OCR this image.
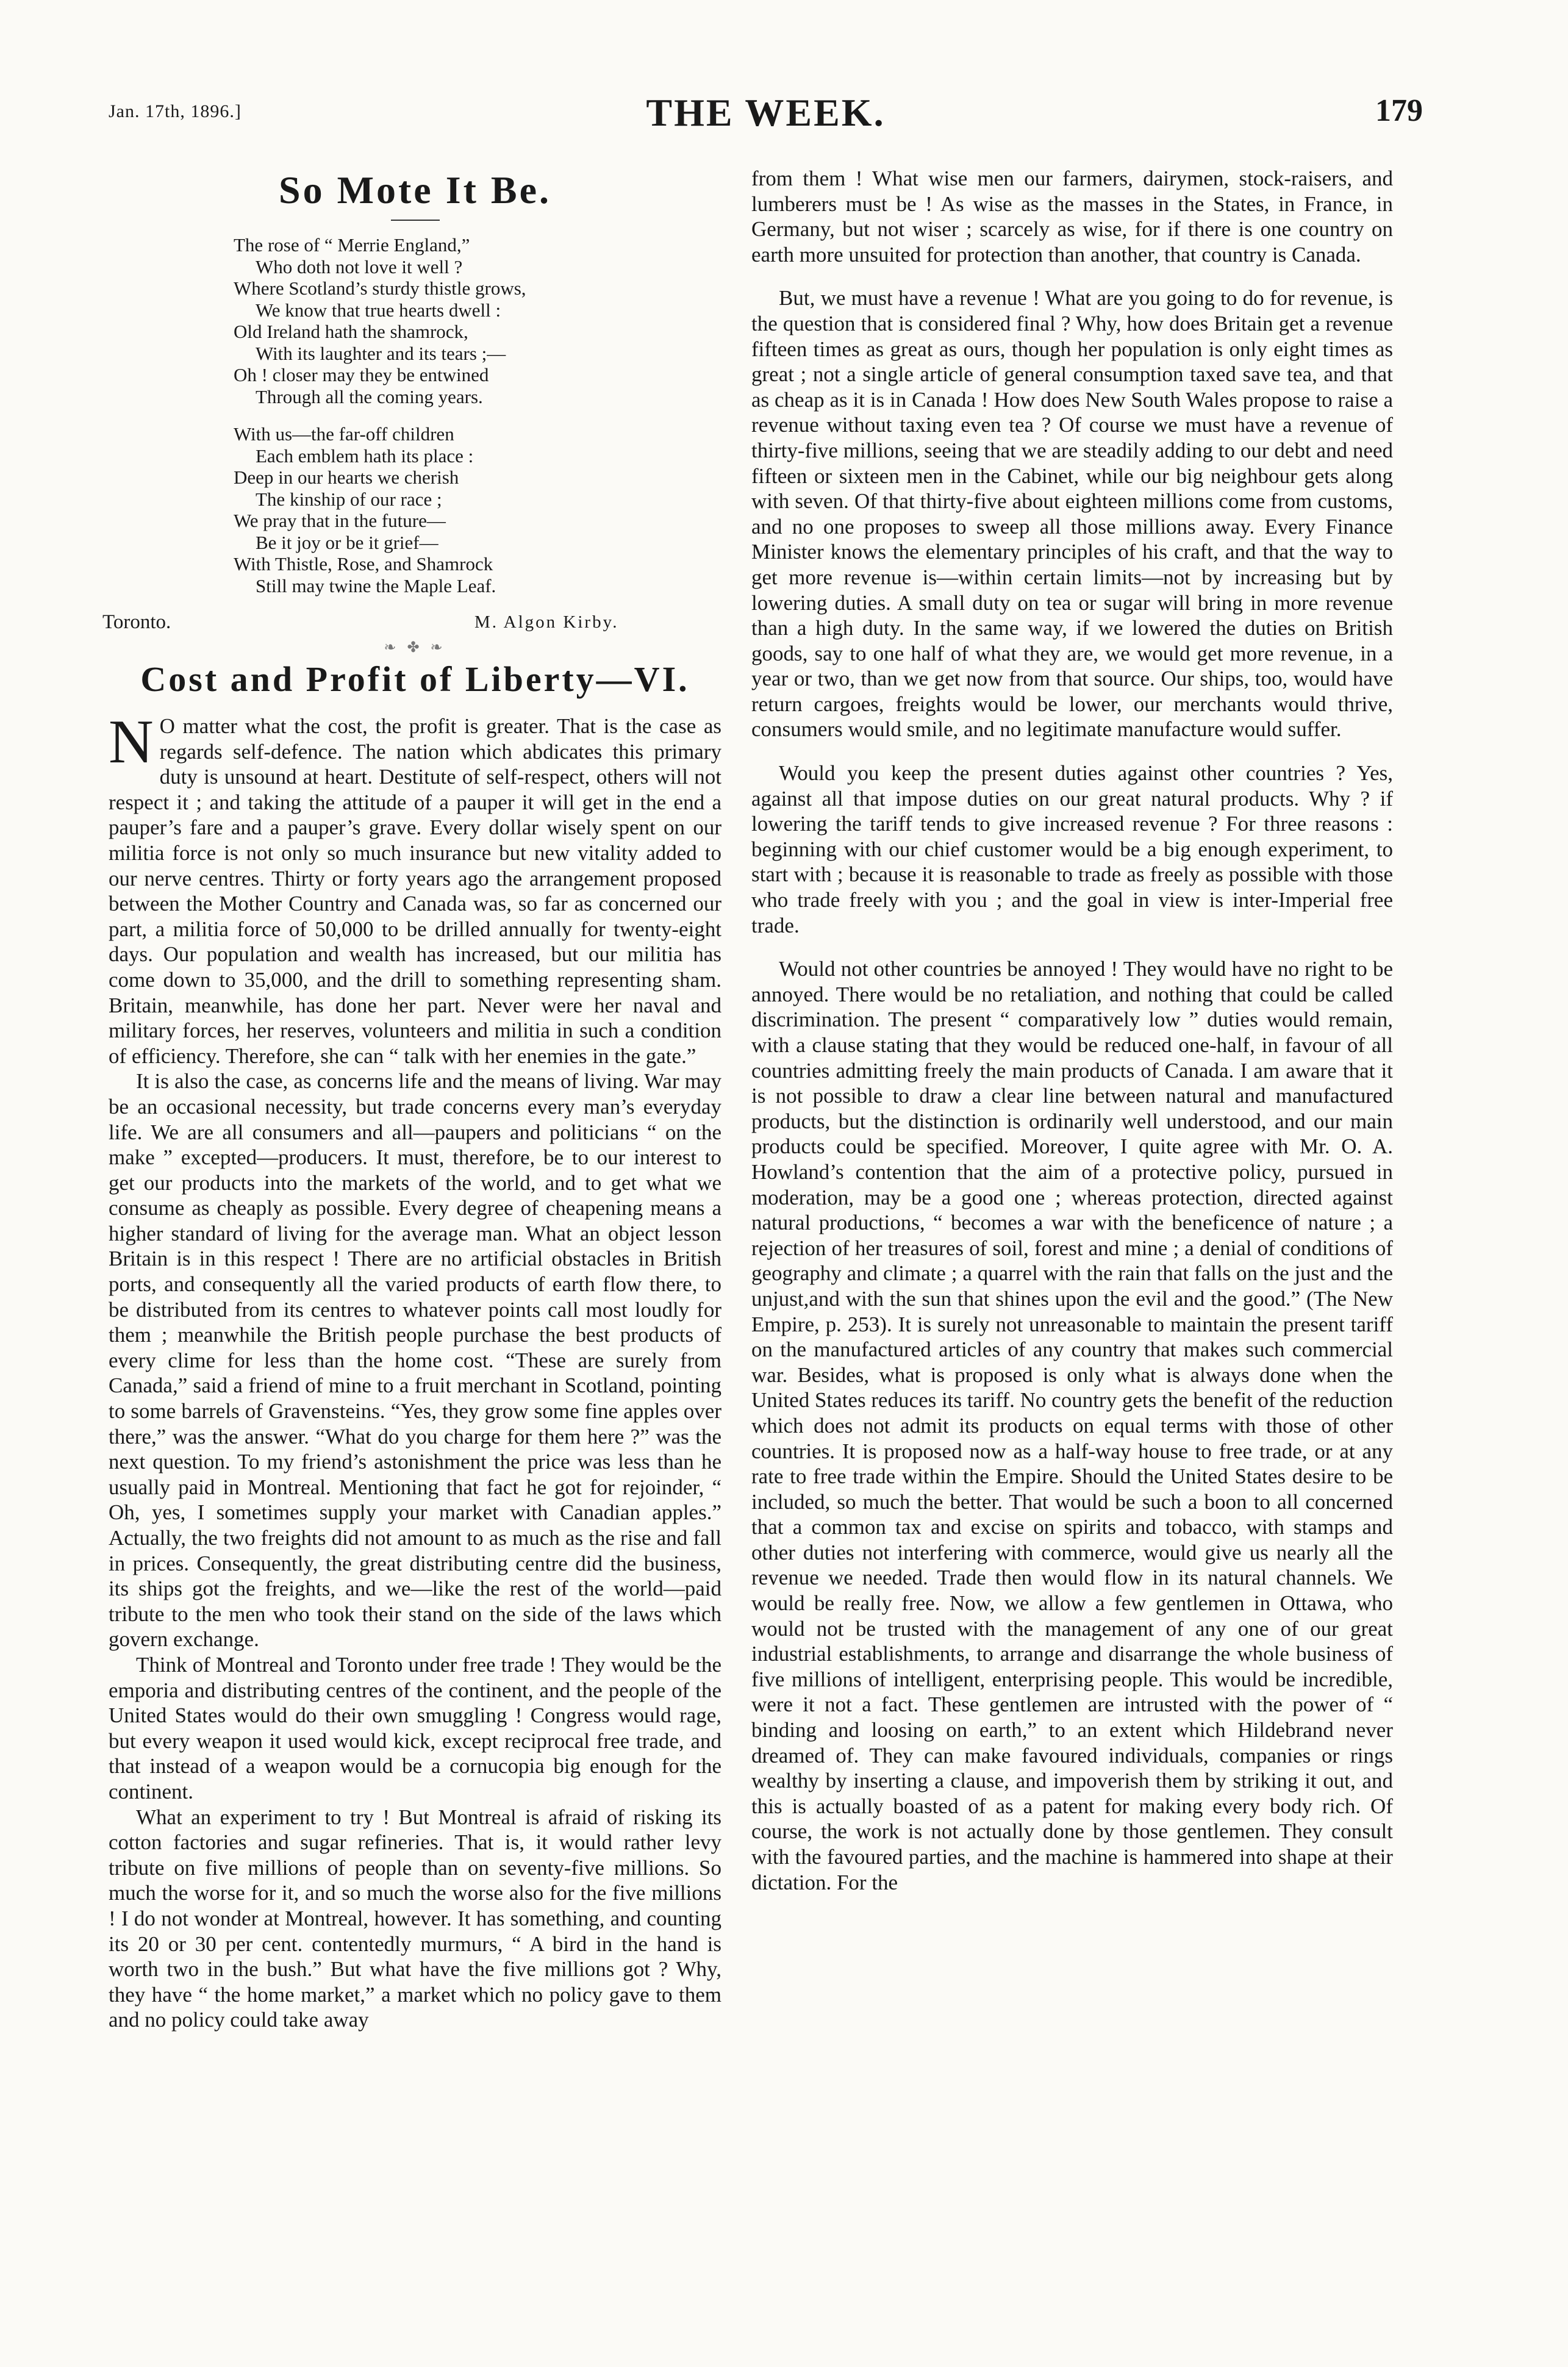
Jan. 17th, 1896.]	THE WEEK.	179
So Mote It Be.
The rose of “ Merrie England,”
Who doth not love it well ?
Where Scotland’s sturdy thistle grows,
We know that true hearts dwell :
Old Ireland hath the shamrock,
With its laughter and its tears ;—
Oh ! closer may they be entwined
Through all the coming years.
With us—the far-off children
Each emblem hath its place :
Deep in our hearts we cherish
The kinship of our race ;
We pray that in the future—
Be it joy or be it grief—
With Thistle, Rose, and Shamrock
Still may twine the Maple Leaf.
Toronto.	M. Algon Kirby.
❧ ✤ ❧
Cost and Profit of Liberty—VI.

N O matter what the cost, the profit is greater. That is the case as regards self-defence. The nation which abdicates this primary duty is unsound at heart. Destitute of self-respect, others will not respect it ; and taking the attitude of a pauper it will get in the end a pauper’s fare and a pauper’s grave. Every dollar wisely spent on our militia force is not only so much insurance but new vitality added to our nerve centres. Thirty or forty years ago the arrangement proposed between the Mother Country and Canada was, so far as concerned our part, a militia force of 50,000 to be drilled annually for twenty-eight days. Our population and wealth has increased, but our militia has come down to 35,000, and the drill to something representing sham. Britain, meanwhile, has done her part. Never were her naval and military forces, her reserves, volunteers and militia in such a condition of efficiency. Therefore, she can “ talk with her enemies in the gate.”

It is also the case, as concerns life and the means of living. War may be an occasional necessity, but trade concerns every man’s everyday life. We are all consumers and all—paupers and politicians “ on the make ” excepted—producers. It must, therefore, be to our interest to get our products into the markets of the world, and to get what we consume as cheaply as possible. Every degree of cheapening means a higher standard of living for the average man. What an object lesson Britain is in this respect ! There are no artificial obstacles in British ports, and consequently all the varied products of earth flow there, to be distributed from its centres to whatever points call most loudly for them ; meanwhile the British people purchase the best products of every clime for less than the home cost. “These are surely from Canada,” said a friend of mine to a fruit merchant in Scotland, pointing to some barrels of Gravensteins. “Yes, they grow some fine apples over there,” was the answer. “What do you charge for them here ?” was the next question. To my friend’s astonishment the price was less than he usually paid in Montreal. Mentioning that fact he got for rejoinder, “ Oh, yes, I sometimes supply your market with Canadian apples.” Actually, the two freights did not amount to as much as the rise and fall in prices. Consequently, the great distributing centre did the business, its ships got the freights, and we—like the rest of the world—paid tribute to the men who took their stand on the side of the laws which govern exchange.

Think of Montreal and Toronto under free trade ! They would be the emporia and distributing centres of the continent, and the people of the United States would do their own smuggling ! Congress would rage, but every weapon it used would kick, except reciprocal free trade, and that instead of a weapon would be a cornucopia big enough for the continent.

What an experiment to try ! But Montreal is afraid of risking its cotton factories and sugar refineries. That is, it would rather levy tribute on five millions of people than on seventy-five millions. So much the worse for it, and so much the worse also for the five millions ! I do not wonder at Montreal, however. It has something, and counting its 20 or 30 per cent. contentedly murmurs, “ A bird in the hand is worth two in the bush.” But what have the five millions got ? Why, they have “ the home market,” a market which no policy gave to them and no policy could take away

from them ! What wise men our farmers, dairymen, stock-raisers, and lumberers must be ! As wise as the masses in the States, in France, in Germany, but not wiser ; scarcely as wise, for if there is one country on earth more unsuited for protection than another, that country is Canada.

But, we must have a revenue ! What are you going to do for revenue, is the question that is considered final ? Why, how does Britain get a revenue fifteen times as great as ours, though her population is only eight times as great ; not a single article of general consumption taxed save tea, and that as cheap as it is in Canada ! How does New South Wales propose to raise a revenue without taxing even tea ? Of course we must have a revenue of thirty-five millions, seeing that we are steadily adding to our debt and need fifteen or sixteen men in the Cabinet, while our big neighbour gets along with seven. Of that thirty-five about eighteen millions come from customs, and no one proposes to sweep all those millions away. Every Finance Minister knows the elementary principles of his craft, and that the way to get more revenue is—within certain limits—not by increasing but by lowering duties. A small duty on tea or sugar will bring in more revenue than a high duty. In the same way, if we lowered the duties on British goods, say to one half of what they are, we would get more revenue, in a year or two, than we get now from that source. Our ships, too, would have return cargoes, freights would be lower, our merchants would thrive, consumers would smile, and no legitimate manufacture would suffer.

Would you keep the present duties against other countries ? Yes, against all that impose duties on our great natural products. Why ? if lowering the tariff tends to give increased revenue ? For three reasons : beginning with our chief customer would be a big enough experiment, to start with ; because it is reasonable to trade as freely as possible with those who trade freely with you ; and the goal in view is inter-Imperial free trade.

Would not other countries be annoyed ! They would have no right to be annoyed. There would be no retaliation, and nothing that could be called discrimination. The present “ comparatively low ” duties would remain, with a clause stating that they would be reduced one-half, in favour of all countries admitting freely the main products of Canada. I am aware that it is not possible to draw a clear line between natural and manufactured products, but the distinction is ordinarily well understood, and our main products could be specified. Moreover, I quite agree with Mr. O. A. Howland’s contention that the aim of a protective policy, pursued in moderation, may be a good one ; whereas protection, directed against natural productions, “ becomes a war with the beneficence of nature ; a rejection of her treasures of soil, forest and mine ; a denial of conditions of geography and climate ; a quarrel with the rain that falls on the just and the unjust,and with the sun that shines upon the evil and the good.” (The New Empire, p. 253). It is surely not unreasonable to maintain the present tariff on the manufactured articles of any country that makes such commercial war. Besides, what is proposed is only what is always done when the United States reduces its tariff. No country gets the benefit of the reduction which does not admit its products on equal terms with those of other countries. It is proposed now as a half-way house to free trade, or at any rate to free trade within the Empire. Should the United States desire to be included, so much the better. That would be such a boon to all concerned that a common tax and excise on spirits and tobacco, with stamps and other duties not interfering with commerce, would give us nearly all the revenue we needed. Trade then would flow in its natural channels. We would be really free. Now, we allow a few gentlemen in Ottawa, who would not be trusted with the management of any one of our great industrial establishments, to arrange and disarrange the whole business of five millions of intelligent, enterprising people. This would be incredible, were it not a fact. These gentlemen are intrusted with the power of “ binding and loosing on earth,” to an extent which Hildebrand never dreamed of. They can make favoured individuals, companies or rings wealthy by inserting a clause, and impoverish them by striking it out, and this is actually boasted of as a patent for making every body rich. Of course, the work is not actually done by those gentlemen. They consult with the favoured parties, and the machine is hammered into shape at their dictation. For the
